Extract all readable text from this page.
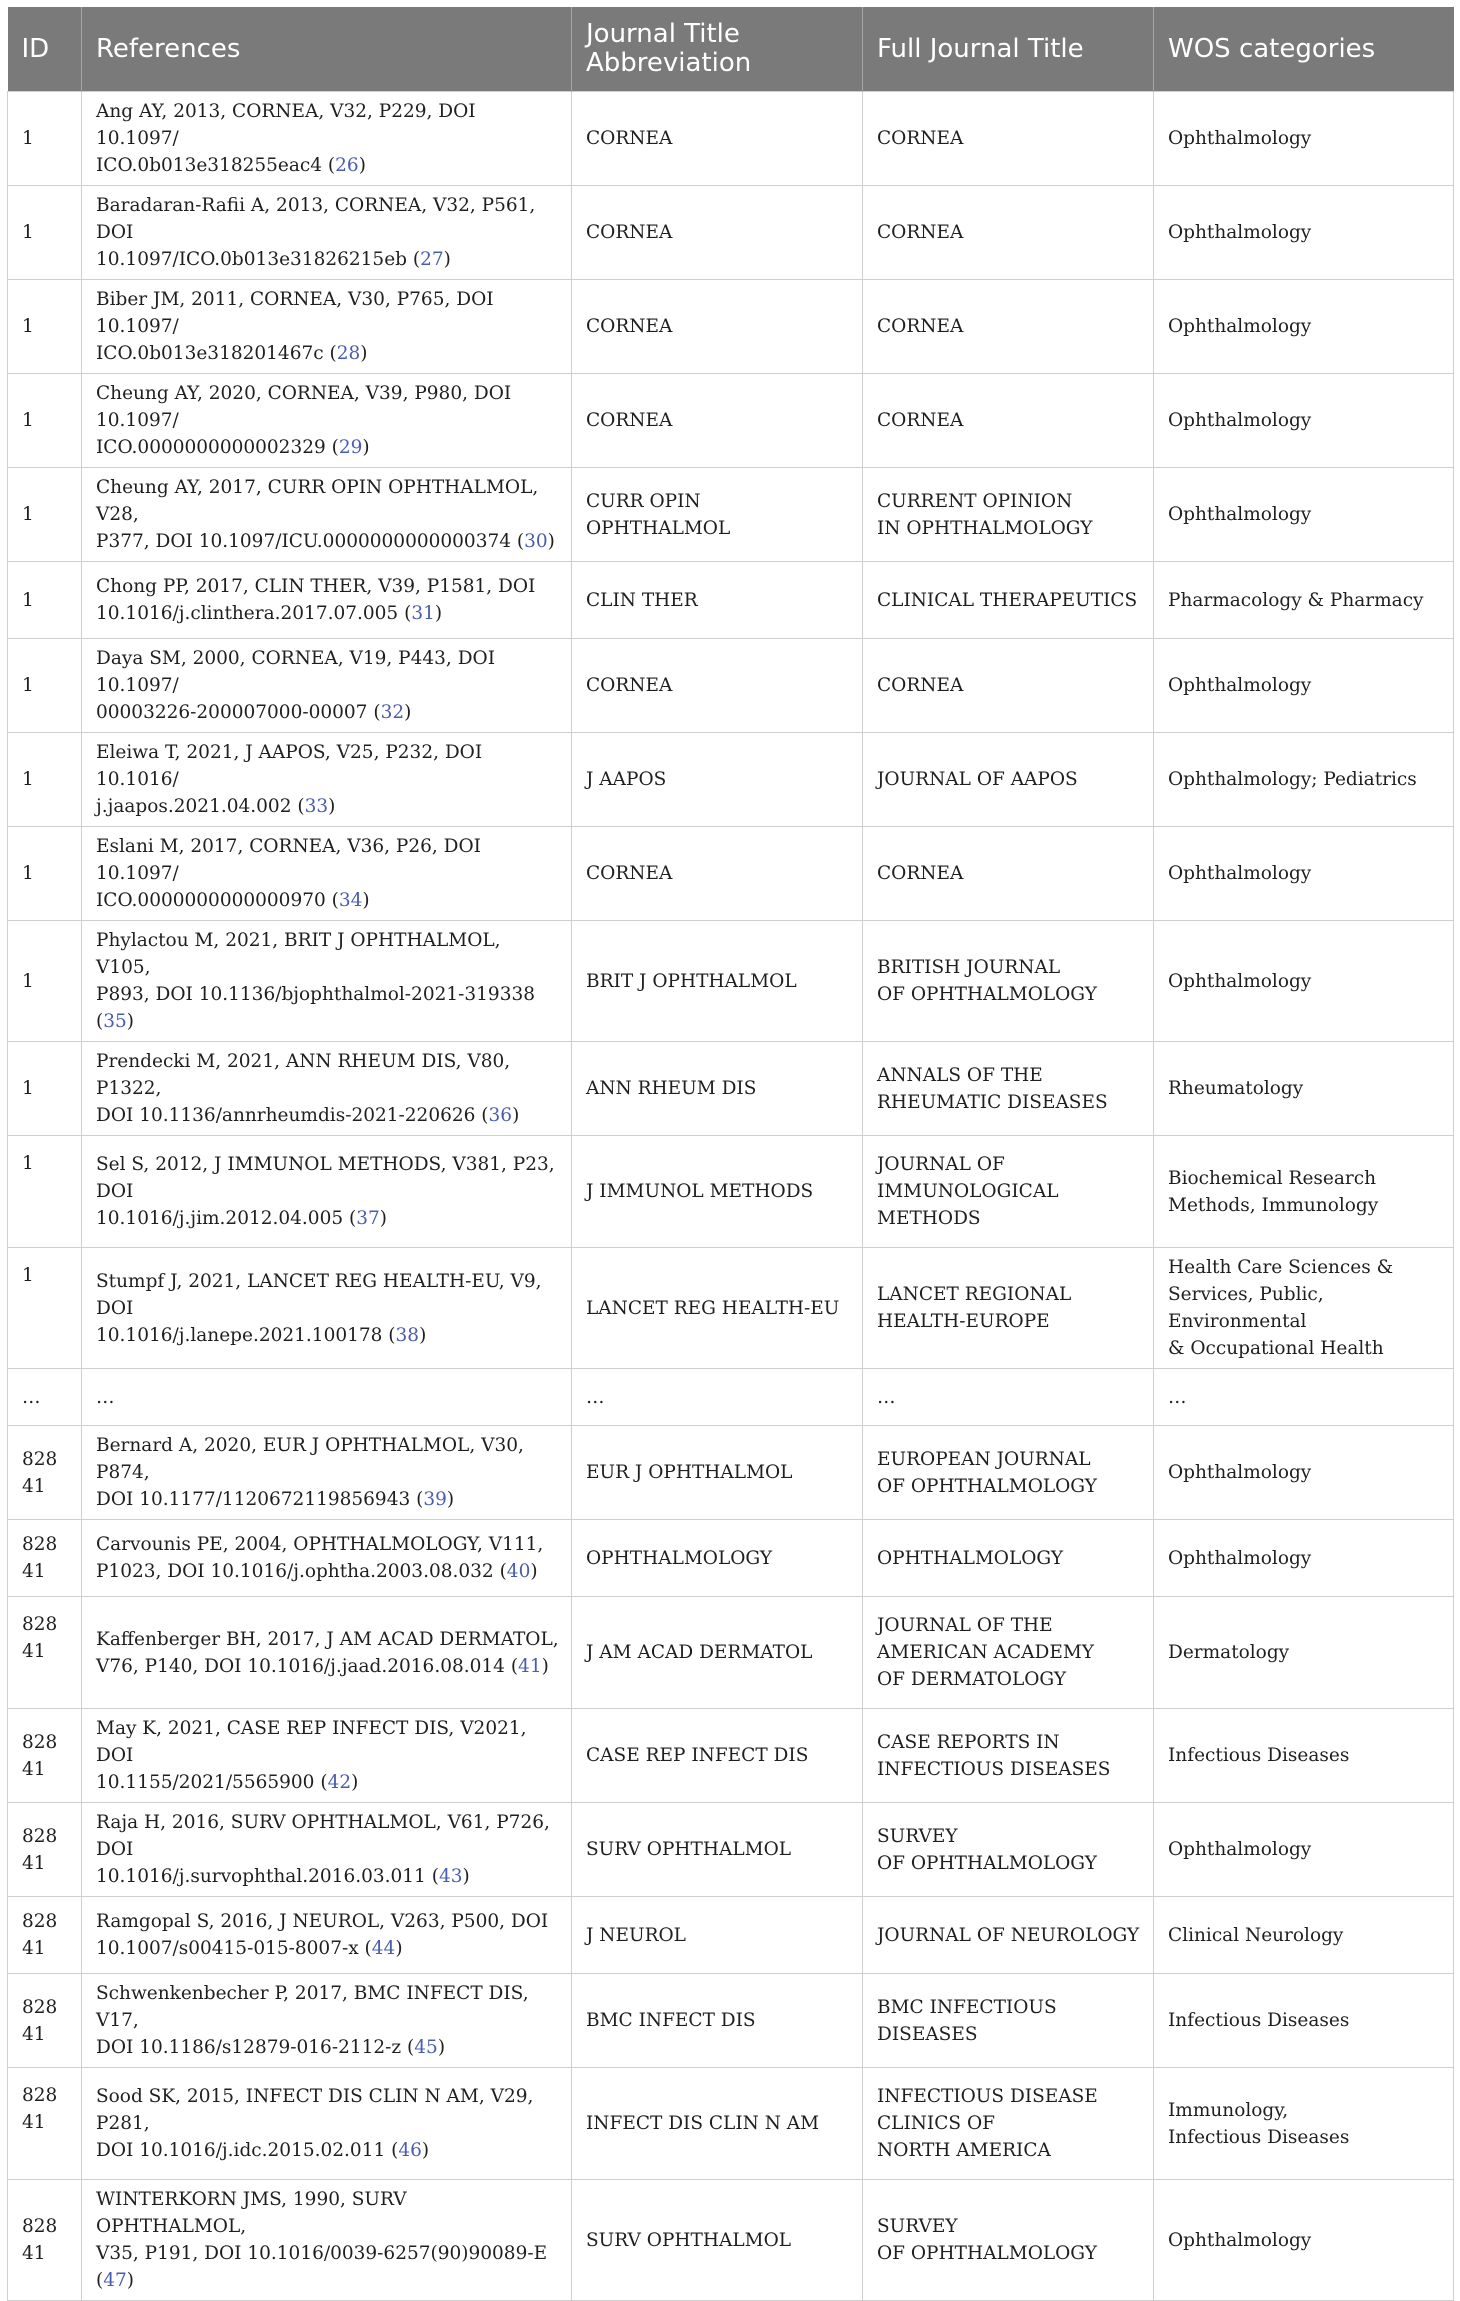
ID	References	Journal Title Abbreviation	Full Journal Title	WOS categories
1	Ang AY, 2013, CORNEA, V32, P229, DOI 10.1097/
ICO.0b013e318255eac4 (26)	CORNEA	CORNEA	Ophthalmology

1	Baradaran-Rafii A, 2013, CORNEA, V32, P561, DOI
10.1097/ICO.0b013e31826215eb (27)	CORNEA	CORNEA	Ophthalmology

1	Biber JM, 2011, CORNEA, V30, P765, DOI 10.1097/
ICO.0b013e318201467c (28)	CORNEA	CORNEA	Ophthalmology

1	Cheung AY, 2020, CORNEA, V39, P980, DOI 10.1097/
ICO.0000000000002329 (29)	CORNEA	CORNEA	Ophthalmology

1	Cheung AY, 2017, CURR OPIN OPHTHALMOL, V28,
P377, DOI 10.1097/ICU.0000000000000374 (30)	CURR OPIN OPHTHALMOL	CURRENT OPINION
IN OPHTHALMOLOGY	Ophthalmology

1	Chong PP, 2017, CLIN THER, V39, P1581, DOI
10.1016/j.clinthera.2017.07.005 (31)	CLIN THER	CLINICAL THERAPEUTICS	Pharmacology & Pharmacy

1	Daya SM, 2000, CORNEA, V19, P443, DOI 10.1097/
00003226-200007000-00007 (32)	CORNEA	CORNEA	Ophthalmology

1	Eleiwa T, 2021, J AAPOS, V25, P232, DOI 10.1016/
j.jaapos.2021.04.002 (33)	J AAPOS	JOURNAL OF AAPOS	Ophthalmology; Pediatrics

1	Eslani M, 2017, CORNEA, V36, P26, DOI 10.1097/
ICO.0000000000000970 (34)	CORNEA	CORNEA	Ophthalmology

1	Phylactou M, 2021, BRIT J OPHTHALMOL, V105,
P893, DOI 10.1136/bjophthalmol-2021-319338 (35)	BRIT J OPHTHALMOL	BRITISH JOURNAL
OF OPHTHALMOLOGY	Ophthalmology

1	Prendecki M, 2021, ANN RHEUM DIS, V80, P1322,
DOI 10.1136/annrheumdis-2021-220626 (36)	ANN RHEUM DIS	ANNALS OF THE
RHEUMATIC DISEASES	Rheumatology

1	Sel S, 2012, J IMMUNOL METHODS, V381, P23, DOI
10.1016/j.jim.2012.04.005 (37)	J IMMUNOL METHODS	JOURNAL OF
IMMUNOLOGICAL
METHODS	Biochemical Research
Methods, Immunology

1	Stumpf J, 2021, LANCET REG HEALTH-EU, V9, DOI
10.1016/j.lanepe.2021.100178 (38)	LANCET REG HEALTH-EU	LANCET REGIONAL
HEALTH-EUROPE	Health Care Sciences &
Services, Public, Environmental
& Occupational Health

…	…	…	…	…

82841	Bernard A, 2020, EUR J OPHTHALMOL, V30, P874,
DOI 10.1177/1120672119856943 (39)	EUR J OPHTHALMOL	EUROPEAN JOURNAL
OF OPHTHALMOLOGY	Ophthalmology

82841	Carvounis PE, 2004, OPHTHALMOLOGY, V111,
P1023, DOI 10.1016/j.ophtha.2003.08.032 (40)	OPHTHALMOLOGY	OPHTHALMOLOGY	Ophthalmology

82841	Kaffenberger BH, 2017, J AM ACAD DERMATOL,
V76, P140, DOI 10.1016/j.jaad.2016.08.014 (41)	J AM ACAD DERMATOL	JOURNAL OF THE
AMERICAN ACADEMY
OF DERMATOLOGY	Dermatology

82841	May K, 2021, CASE REP INFECT DIS, V2021, DOI
10.1155/2021/5565900 (42)	CASE REP INFECT DIS	CASE REPORTS IN
INFECTIOUS DISEASES	Infectious Diseases

82841	Raja H, 2016, SURV OPHTHALMOL, V61, P726, DOI
10.1016/j.survophthal.2016.03.011 (43)	SURV OPHTHALMOL	SURVEY
OF OPHTHALMOLOGY	Ophthalmology

82841	Ramgopal S, 2016, J NEUROL, V263, P500, DOI
10.1007/s00415-015-8007-x (44)	J NEUROL	JOURNAL OF NEUROLOGY	Clinical Neurology

82841	Schwenkenbecher P, 2017, BMC INFECT DIS, V17,
DOI 10.1186/s12879-016-2112-z (45)	BMC INFECT DIS	BMC INFECTIOUS DISEASES	Infectious Diseases

82841	Sood SK, 2015, INFECT DIS CLIN N AM, V29, P281,
DOI 10.1016/j.idc.2015.02.011 (46)	INFECT DIS CLIN N AM	INFECTIOUS DISEASE
CLINICS OF
NORTH AMERICA	Immunology,
Infectious Diseases

82841	WINTERKORN JMS, 1990, SURV OPHTHALMOL,
V35, P191, DOI 10.1016/0039-6257(90)90089-E (47)	SURV OPHTHALMOL	SURVEY
OF OPHTHALMOLOGY	Ophthalmology
